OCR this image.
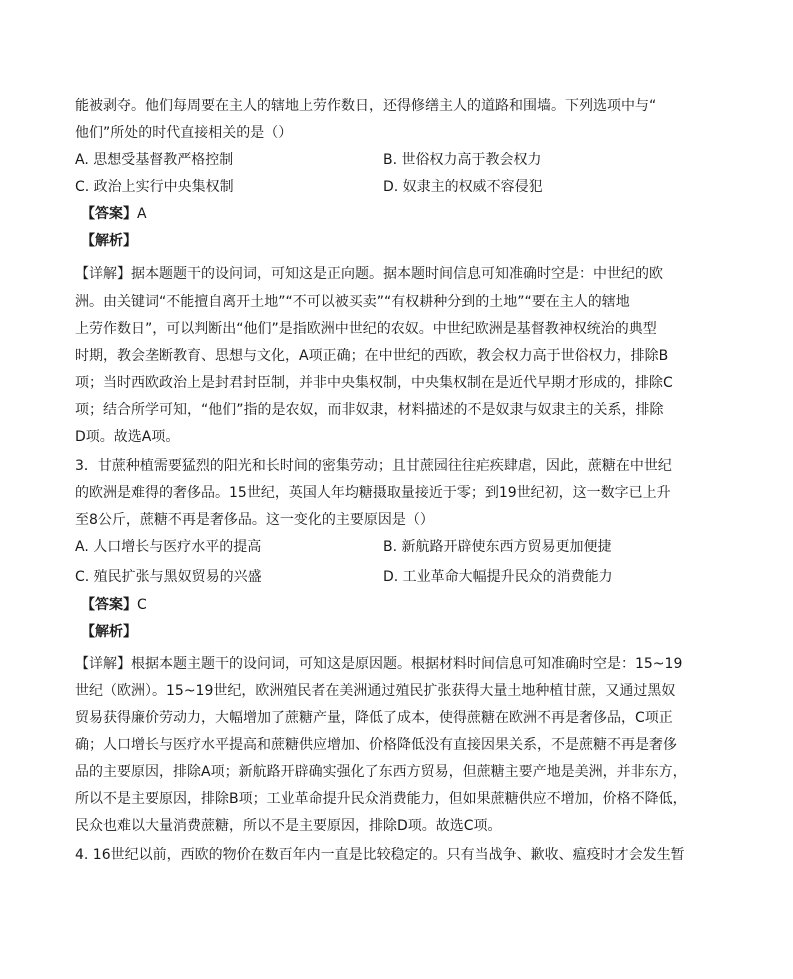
能被剥夺。他们每周要在主人的辖地上劳作数日，还得修缮主人的道路和围墙。下列选项中与“
他们”所处的时代直接相关的是（）
A. 思想受基督教严格控制	B. 世俗权力高于教会权力
C. 政治上实行中央集权制	D. 奴隶主的权威不容侵犯
【答案】A
【解析】
【详解】据本题题干的设问词，可知这是正向题。据本题时间信息可知准确时空是：中世纪的欧
洲。由关键词“不能擅自离开土地”“不可以被买卖”“有权耕种分到的土地”“要在主人的辖地
上劳作数日”，可以判断出“他们”是指欧洲中世纪的农奴。中世纪欧洲是基督教神权统治的典型
时期，教会垄断教育、思想与文化，A项正确；在中世纪的西欧，教会权力高于世俗权力，排除B
项；当时西欧政治上是封君封臣制，并非中央集权制，中央集权制在是近代早期才形成的，排除C
项；结合所学可知，“他们”指的是农奴，而非奴隶，材料描述的不是奴隶与奴隶主的关系，排除
D项。故选A项。
3．甘蔗种植需要猛烈的阳光和长时间的密集劳动；且甘蔗园往往疟疾肆虐，因此，蔗糖在中世纪
的欧洲是难得的奢侈品。15世纪，英国人年均糖摄取量接近于零；到19世纪初，这一数字已上升
至8公斤，蔗糖不再是奢侈品。这一变化的主要原因是（）
A. 人口增长与医疗水平的提高	B. 新航路开辟使东西方贸易更加便捷
C. 殖民扩张与黑奴贸易的兴盛	D. 工业革命大幅提升民众的消费能力
【答案】C
【解析】
【详解】根据本题主题干的设问词，可知这是原因题。根据材料时间信息可知准确时空是：15~19
世纪（欧洲）。15~19世纪，欧洲殖民者在美洲通过殖民扩张获得大量土地种植甘蔗，又通过黑奴
贸易获得廉价劳动力，大幅增加了蔗糖产量，降低了成本，使得蔗糖在欧洲不再是奢侈品，C项正
确；人口增长与医疗水平提高和蔗糖供应增加、价格降低没有直接因果关系，不是蔗糖不再是奢侈
品的主要原因，排除A项；新航路开辟确实强化了东西方贸易，但蔗糖主要产地是美洲，并非东方，
所以不是主要原因，排除B项；工业革命提升民众消费能力，但如果蔗糖供应不增加，价格不降低，
民众也难以大量消费蔗糖，所以不是主要原因，排除D项。故选C项。
4. 16世纪以前，西欧的物价在数百年内一直是比较稳定的。只有当战争、歉收、瘟疫时才会发生暂
